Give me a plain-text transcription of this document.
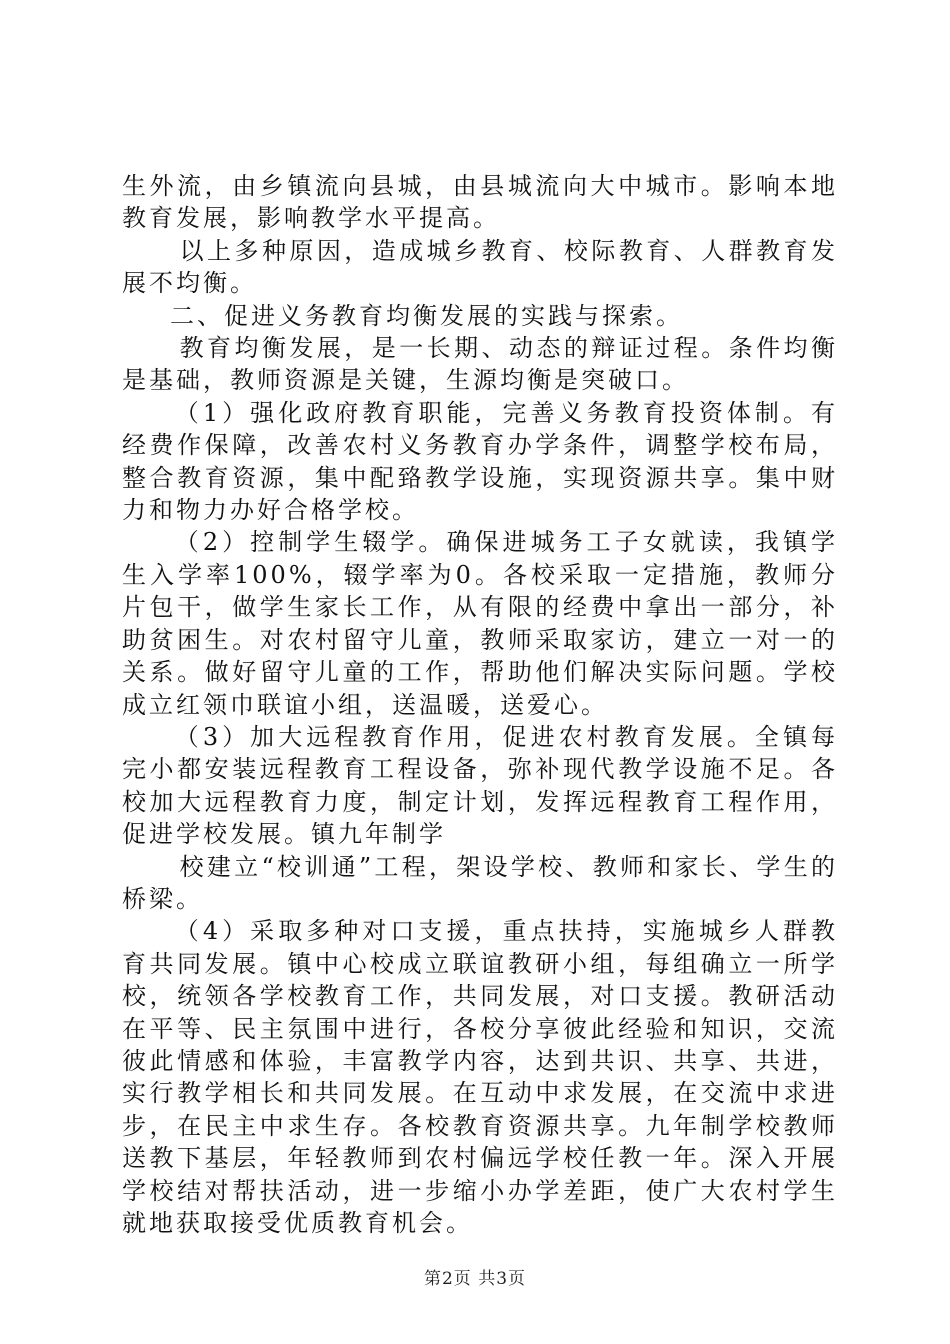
生外流，由乡镇流向县城，由县城流向大中城市。影响本地教育发展，影响教学水平提高。

以上多种原因，造成城乡教育、校际教育、人群教育发展不均衡。

二、促进义务教育均衡发展的实践与探索。

教育均衡发展，是一长期、动态的辩证过程。条件均衡是基础，教师资源是关键，生源均衡是突破口。

（1）强化政府教育职能，完善义务教育投资体制。有经费作保障，改善农村义务教育办学条件，调整学校布局，整合教育资源，集中配臵教学设施，实现资源共享。集中财力和物力办好合格学校。

（2）控制学生辍学。确保进城务工子女就读，我镇学生入学率100%，辍学率为0。各校采取一定措施，教师分片包干，做学生家长工作，从有限的经费中拿出一部分，补助贫困生。对农村留守儿童，教师采取家访，建立一对一的关系。做好留守儿童的工作，帮助他们解决实际问题。学校成立红领巾联谊小组，送温暖，送爱心。

（3）加大远程教育作用，促进农村教育发展。全镇每完小都安装远程教育工程设备，弥补现代教学设施不足。各校加大远程教育力度，制定计划，发挥远程教育工程作用，促进学校发展。镇九年制学

校建立“校训通”工程，架设学校、教师和家长、学生的桥梁。

（4）采取多种对口支援，重点扶持，实施城乡人群教育共同发展。镇中心校成立联谊教研小组，每组确立一所学校，统领各学校教育工作，共同发展，对口支援。教研活动在平等、民主氛围中进行，各校分享彼此经验和知识，交流彼此情感和体验，丰富教学内容，达到共识、共享、共进，实行教学相长和共同发展。在互动中求发展，在交流中求进步，在民主中求生存。各校教育资源共享。九年制学校教师送教下基层，年轻教师到农村偏远学校任教一年。深入开展学校结对帮扶活动，进一步缩小办学差距，使广大农村学生就地获取接受优质教育机会。

第2页 共3页
